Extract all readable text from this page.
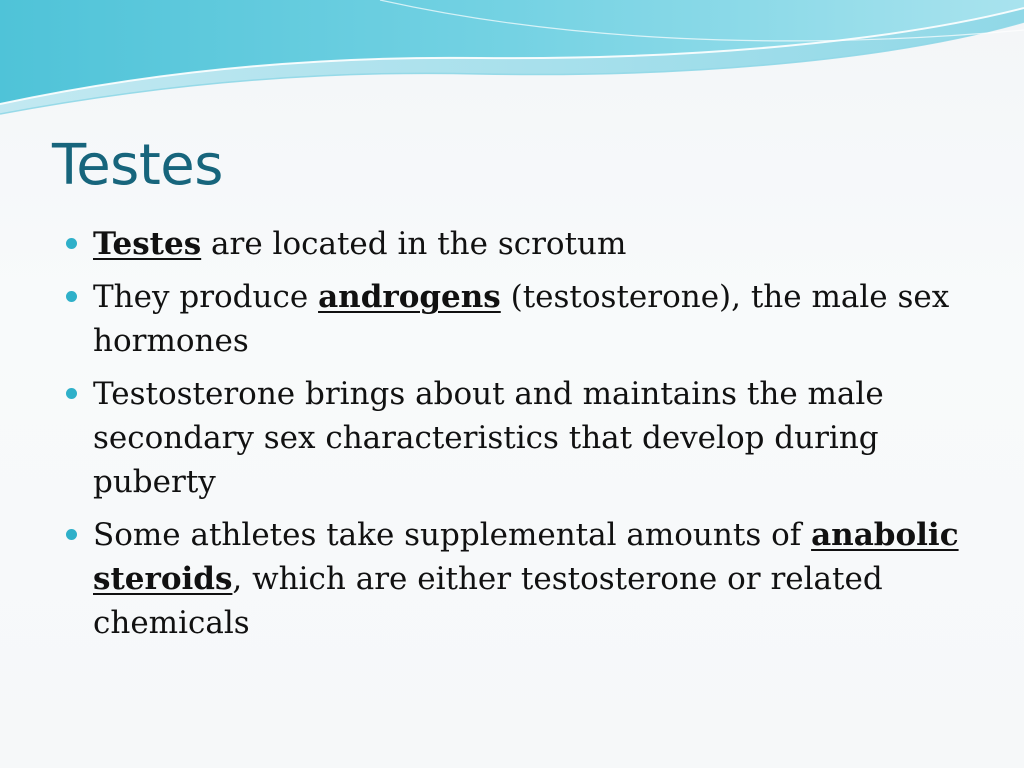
Testes
Testes are located in the scrotum
They produce androgens (testosterone), the male sex hormones
Testosterone brings about and maintains the male secondary sex characteristics that develop during puberty
Some athletes take supplemental amounts of anabolic steroids, which are either testosterone or related chemicals
